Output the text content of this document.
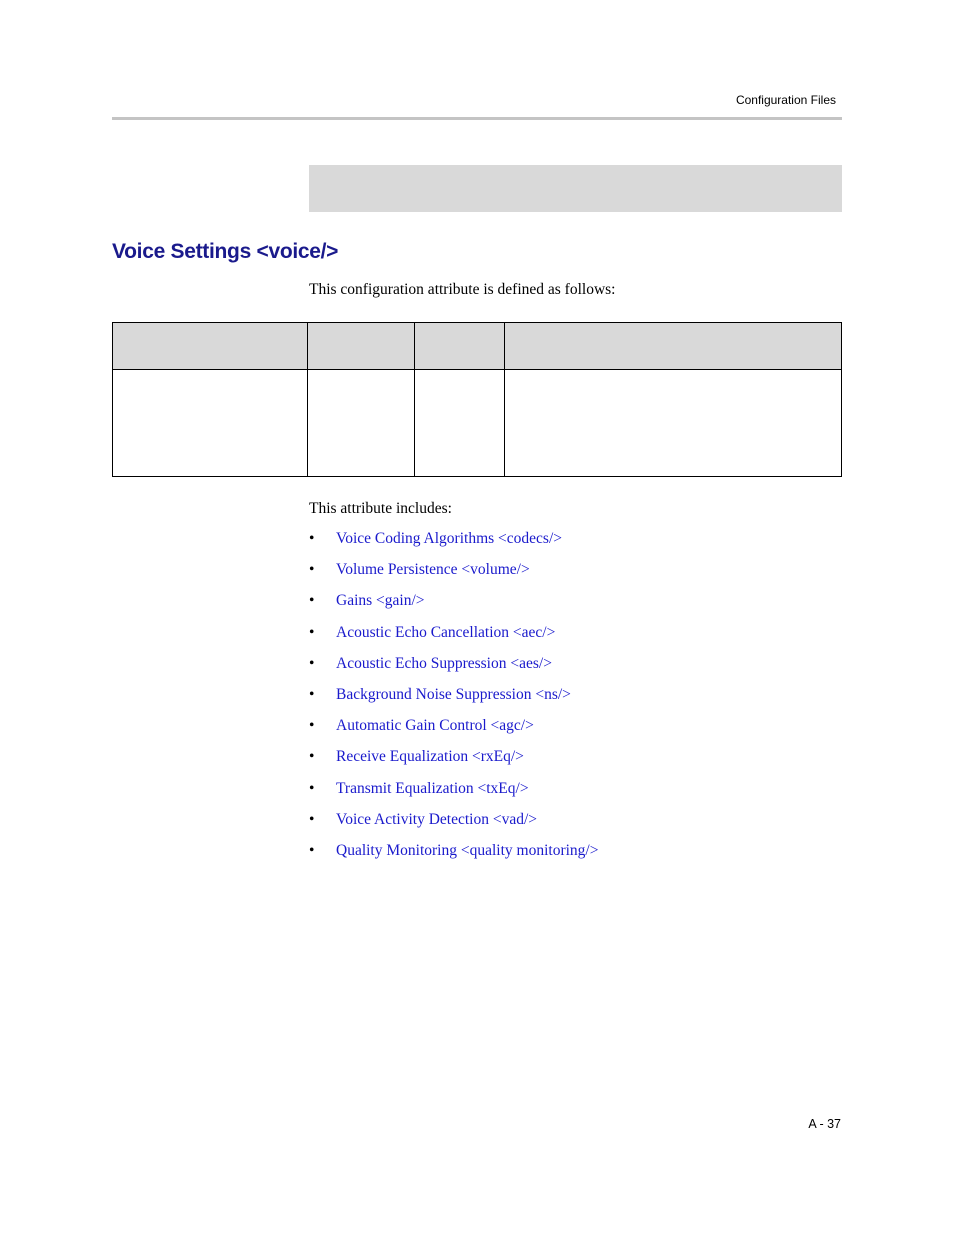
Configuration Files
Voice Settings <voice/>
This configuration attribute is defined as follows:

This attribute includes:
•	Voice Coding Algorithms <codecs/>
•	Volume Persistence <volume/>
•	Gains <gain/>
•	Acoustic Echo Cancellation <aec/>
•	Acoustic Echo Suppression <aes/>
•	Background Noise Suppression <ns/>
•	Automatic Gain Control <agc/>
•	Receive Equalization <rxEq/>
•	Transmit Equalization <txEq/>
•	Voice Activity Detection <vad/>
•	Quality Monitoring <quality monitoring/>
A - 37
